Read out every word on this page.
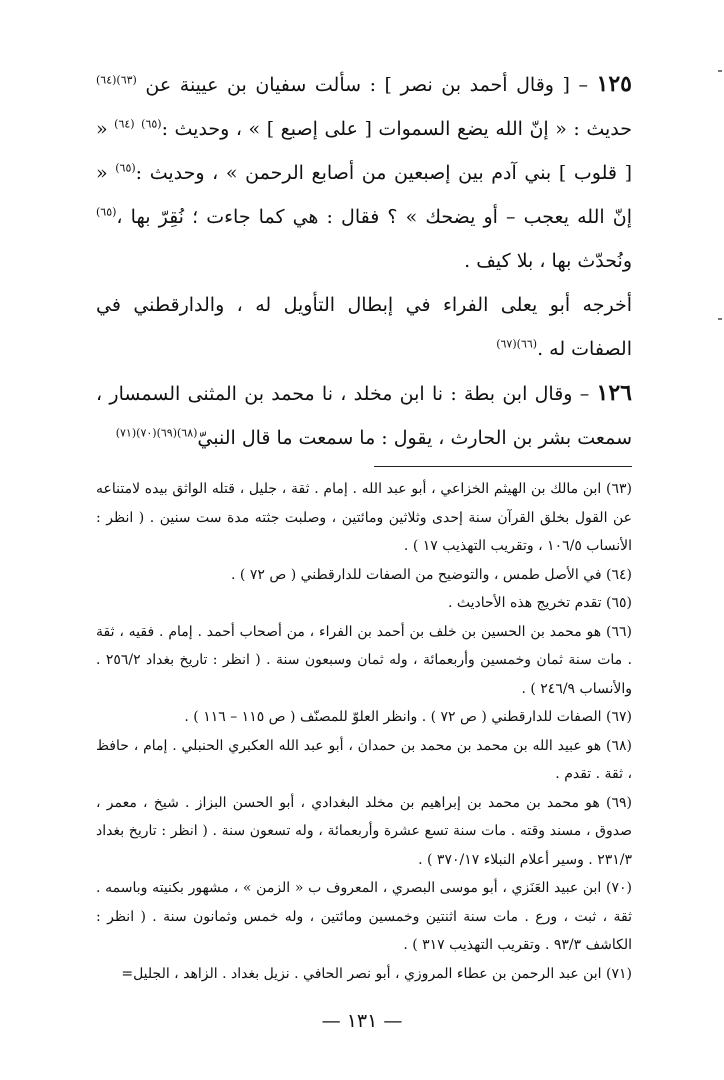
١٢٥ – [ وقال أحمد بن نصر ] : سألت سفيان بن عيينة عن $^{(٦٣)(٦٤)}$ حديث : « إنّ الله يضع السموات [ على إصبع ] » ، وحديث :$^{(٦٥)}$ $^{(٦٤)}$ « [ قلوب ] بني آدم بين إصبعين من أصابع الرحمن » ، وحديث :$^{(٦٥)}$ « إنّ الله يعجب – أو يضحك » ؟ فقال : هي كما جاءت ؛ نُقِرّ بها ،$^{(٦٥)}$ ونُحدّث بها ، بلا كيف .

أخرجه أبو يعلى الفراء في إبطال التأويل له ، والدارقطني في الصفات له .$^{(٦٦)(٦٧)}$

١٢٦ – وقال ابن بطة : نا ابن مخلد ، نا محمد بن المثنى السمسار ، سمعت بشر بن الحارث ، يقول : ما سمعت ما قال النبيّ$^{(٦٨)(٦٩)(٧٠)(٧١)}$

(٦٣) ابن مالك بن الهيثم الخزاعي ، أبو عبد الله . إمام . ثقة ، جليل ، قتله الواثق بيده لامتناعه عن القول بخلق القرآن سنة إحدى وثلاثين ومائتين ، وصلبت جثته مدة ست سنين . ( انظر : الأنساب ١٠٦/٥ ، وتقريب التهذيب ١٧ ) .

(٦٤) في الأصل طمس ، والتوضيح من الصفات للدارقطني ( ص ٧٢ ) .

(٦٥) تقدم تخريج هذه الأحاديث .

(٦٦) هو محمد بن الحسين بن خلف بن أحمد بن الفراء ، من أصحاب أحمد . إمام . فقيه ، ثقة . مات سنة ثمان وخمسين وأربعمائة ، وله ثمان وسبعون سنة . ( انظر : تاريخ بغداد ٢٥٦/٢ . والأنساب ٢٤٦/٩ ) .

(٦٧) الصفات للدارقطني ( ص ٧٢ ) . وانظر العلوّ للمصنّف ( ص ١١٥ – ١١٦ ) .

(٦٨) هو عبيد الله بن محمد بن محمد بن حمدان ، أبو عبد الله العكبري الحنبلي . إمام ، حافظ ، ثقة . تقدم .

(٦٩) هو محمد بن محمد بن إبراهيم بن مخلد البغدادي ، أبو الحسن البزاز . شيخ ، معمر ، صدوق ، مسند وقته . مات سنة تسع عشرة وأربعمائة ، وله تسعون سنة . ( انظر : تاريخ بغداد ٢٣١/٣ . وسير أعلام النبلاء ٣٧٠/١٧ ) .

(٧٠) ابن عبيد العَنَزي ، أبو موسى البصري ، المعروف ب « الزمن » ، مشهور بكنيته وباسمه . ثقة ، ثبت ، ورع . مات سنة اثنتين وخمسين ومائتين ، وله خمس وثمانون سنة . ( انظر : الكاشف ٩٣/٣ . وتقريب التهذيب ٣١٧ ) .

(٧١) ابن عبد الرحمن بن عطاء المروزي ، أبو نصر الحافي . نزيل بغداد . الزاهد ، الجليل=

— ١٣١ —
